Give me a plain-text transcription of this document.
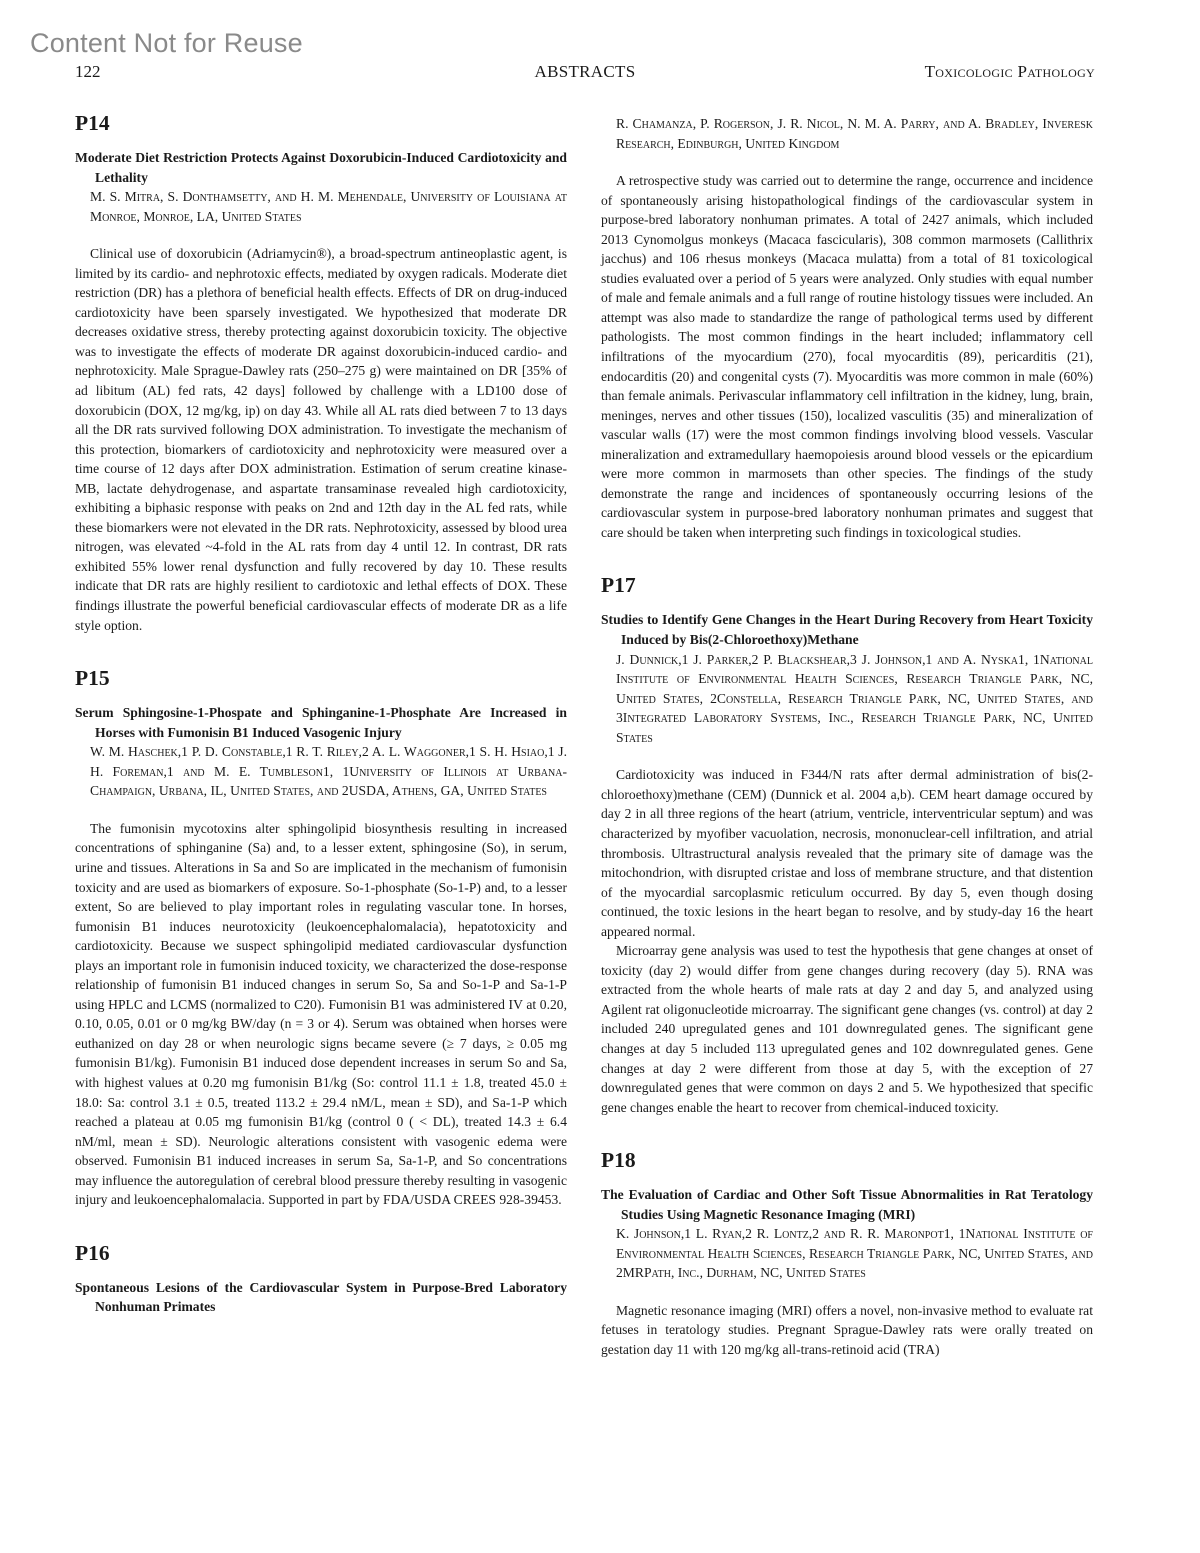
Content Not for Reuse
122	ABSTRACTS	Toxicologic Pathology
P14

Moderate Diet Restriction Protects Against Doxorubicin-Induced Cardiotoxicity and Lethality

M. S. Mitra, S. Donthamsetty, and H. M. Mehendale, University of Louisiana at Monroe, Monroe, LA, United States

Clinical use of doxorubicin (Adriamycin®), a broad-spectrum antineoplastic agent, is limited by its cardio- and nephrotoxic effects, mediated by oxygen radicals. Moderate diet restriction (DR) has a plethora of beneficial health effects. Effects of DR on drug-induced cardiotoxicity have been sparsely investigated. We hypothesized that moderate DR decreases oxidative stress, thereby protecting against doxorubicin toxicity. The objective was to investigate the effects of moderate DR against doxorubicin-induced cardio- and nephrotoxicity. Male Sprague-Dawley rats (250–275 g) were maintained on DR [35% of ad libitum (AL) fed rats, 42 days] followed by challenge with a LD100 dose of doxorubicin (DOX, 12 mg/kg, ip) on day 43. While all AL rats died between 7 to 13 days all the DR rats survived following DOX administration. To investigate the mechanism of this protection, biomarkers of cardiotoxicity and nephrotoxicity were measured over a time course of 12 days after DOX administration. Estimation of serum creatine kinase-MB, lactate dehydrogenase, and aspartate transaminase revealed high cardiotoxicity, exhibiting a biphasic response with peaks on 2nd and 12th day in the AL fed rats, while these biomarkers were not elevated in the DR rats. Nephrotoxicity, assessed by blood urea nitrogen, was elevated ~4-fold in the AL rats from day 4 until 12. In contrast, DR rats exhibited 55% lower renal dysfunction and fully recovered by day 10. These results indicate that DR rats are highly resilient to cardiotoxic and lethal effects of DOX. These findings illustrate the powerful beneficial cardiovascular effects of moderate DR as a life style option.

P15

Serum Sphingosine-1-Phospate and Sphinganine-1-Phosphate Are Increased in Horses with Fumonisin B1 Induced Vasogenic Injury

W. M. Haschek,1 P. D. Constable,1 R. T. Riley,2 A. L. Waggoner,1 S. H. Hsiao,1 J. H. Foreman,1 and M. E. Tumbleson1, 1University of Illinois at Urbana-Champaign, Urbana, IL, United States, and 2USDA, Athens, GA, United States

The fumonisin mycotoxins alter sphingolipid biosynthesis resulting in increased concentrations of sphinganine (Sa) and, to a lesser extent, sphingosine (So), in serum, urine and tissues. Alterations in Sa and So are implicated in the mechanism of fumonisin toxicity and are used as biomarkers of exposure. So-1-phosphate (So-1-P) and, to a lesser extent, So are believed to play important roles in regulating vascular tone. In horses, fumonisin B1 induces neurotoxicity (leukoencephalomalacia), hepatotoxicity and cardiotoxicity. Because we suspect sphingolipid mediated cardiovascular dysfunction plays an important role in fumonisin induced toxicity, we characterized the dose-response relationship of fumonisin B1 induced changes in serum So, Sa and So-1-P and Sa-1-P using HPLC and LCMS (normalized to C20). Fumonisin B1 was administered IV at 0.20, 0.10, 0.05, 0.01 or 0 mg/kg BW/day (n = 3 or 4). Serum was obtained when horses were euthanized on day 28 or when neurologic signs became severe (≥ 7 days, ≥ 0.05 mg fumonisin B1/kg). Fumonisin B1 induced dose dependent increases in serum So and Sa, with highest values at 0.20 mg fumonisin B1/kg (So: control 11.1 ± 1.8, treated 45.0 ± 18.0: Sa: control 3.1 ± 0.5, treated 113.2 ± 29.4 nM/L, mean ± SD), and Sa-1-P which reached a plateau at 0.05 mg fumonisin B1/kg (control 0 ( < DL), treated 14.3 ± 6.4 nM/ml, mean ± SD). Neurologic alterations consistent with vasogenic edema were observed. Fumonisin B1 induced increases in serum Sa, Sa-1-P, and So concentrations may influence the autoregulation of cerebral blood pressure thereby resulting in vasogenic injury and leukoencephalomalacia. Supported in part by FDA/USDA CREES 928-39453.

P16

Spontaneous Lesions of the Cardiovascular System in Purpose-Bred Laboratory Nonhuman Primates

R. Chamanza, P. Rogerson, J. R. Nicol, N. M. A. Parry, and A. Bradley, Inveresk Research, Edinburgh, United Kingdom

A retrospective study was carried out to determine the range, occurrence and incidence of spontaneously arising histopathological findings of the cardiovascular system in purpose-bred laboratory nonhuman primates. A total of 2427 animals, which included 2013 Cynomolgus monkeys (Macaca fascicularis), 308 common marmosets (Callithrix jacchus) and 106 rhesus monkeys (Macaca mulatta) from a total of 81 toxicological studies evaluated over a period of 5 years were analyzed. Only studies with equal number of male and female animals and a full range of routine histology tissues were included. An attempt was also made to standardize the range of pathological terms used by different pathologists. The most common findings in the heart included; inflammatory cell infiltrations of the myocardium (270), focal myocarditis (89), pericarditis (21), endocarditis (20) and congenital cysts (7). Myocarditis was more common in male (60%) than female animals. Perivascular inflammatory cell infiltration in the kidney, lung, brain, meninges, nerves and other tissues (150), localized vasculitis (35) and mineralization of vascular walls (17) were the most common findings involving blood vessels. Vascular mineralization and extramedullary haemopoiesis around blood vessels or the epicardium were more common in marmosets than other species. The findings of the study demonstrate the range and incidences of spontaneously occurring lesions of the cardiovascular system in purpose-bred laboratory nonhuman primates and suggest that care should be taken when interpreting such findings in toxicological studies.

P17

Studies to Identify Gene Changes in the Heart During Recovery from Heart Toxicity Induced by Bis(2-Chloroethoxy)Methane

J. Dunnick,1 J. Parker,2 P. Blackshear,3 J. Johnson,1 and A. Nyska1, 1National Institute of Environmental Health Sciences, Research Triangle Park, NC, United States, 2Constella, Research Triangle Park, NC, United States, and 3Integrated Laboratory Systems, Inc., Research Triangle Park, NC, United States

Cardiotoxicity was induced in F344/N rats after dermal administration of bis(2-chloroethoxy)methane (CEM) (Dunnick et al. 2004 a,b). CEM heart damage occured by day 2 in all three regions of the heart (atrium, ventricle, interventricular septum) and was characterized by myofiber vacuolation, necrosis, mononuclear-cell infiltration, and atrial thrombosis. Ultrastructural analysis revealed that the primary site of damage was the mitochondrion, with disrupted cristae and loss of membrane structure, and that distention of the myocardial sarcoplasmic reticulum occurred. By day 5, even though dosing continued, the toxic lesions in the heart began to resolve, and by study-day 16 the heart appeared normal.

Microarray gene analysis was used to test the hypothesis that gene changes at onset of toxicity (day 2) would differ from gene changes during recovery (day 5). RNA was extracted from the whole hearts of male rats at day 2 and day 5, and analyzed using Agilent rat oligonucleotide microarray. The significant gene changes (vs. control) at day 2 included 240 upregulated genes and 101 downregulated genes. The significant gene changes at day 5 included 113 upregulated genes and 102 downregulated genes. Gene changes at day 2 were different from those at day 5, with the exception of 27 downregulated genes that were common on days 2 and 5. We hypothesized that specific gene changes enable the heart to recover from chemical-induced toxicity.

P18

The Evaluation of Cardiac and Other Soft Tissue Abnormalities in Rat Teratology Studies Using Magnetic Resonance Imaging (MRI)

K. Johnson,1 L. Ryan,2 R. Lontz,2 and R. R. Maronpot1, 1National Institute of Environmental Health Sciences, Research Triangle Park, NC, United States, and 2MRPath, Inc., Durham, NC, United States

Magnetic resonance imaging (MRI) offers a novel, non-invasive method to evaluate rat fetuses in teratology studies. Pregnant Sprague-Dawley rats were orally treated on gestation day 11 with 120 mg/kg all-trans-retinoid acid (TRA)
